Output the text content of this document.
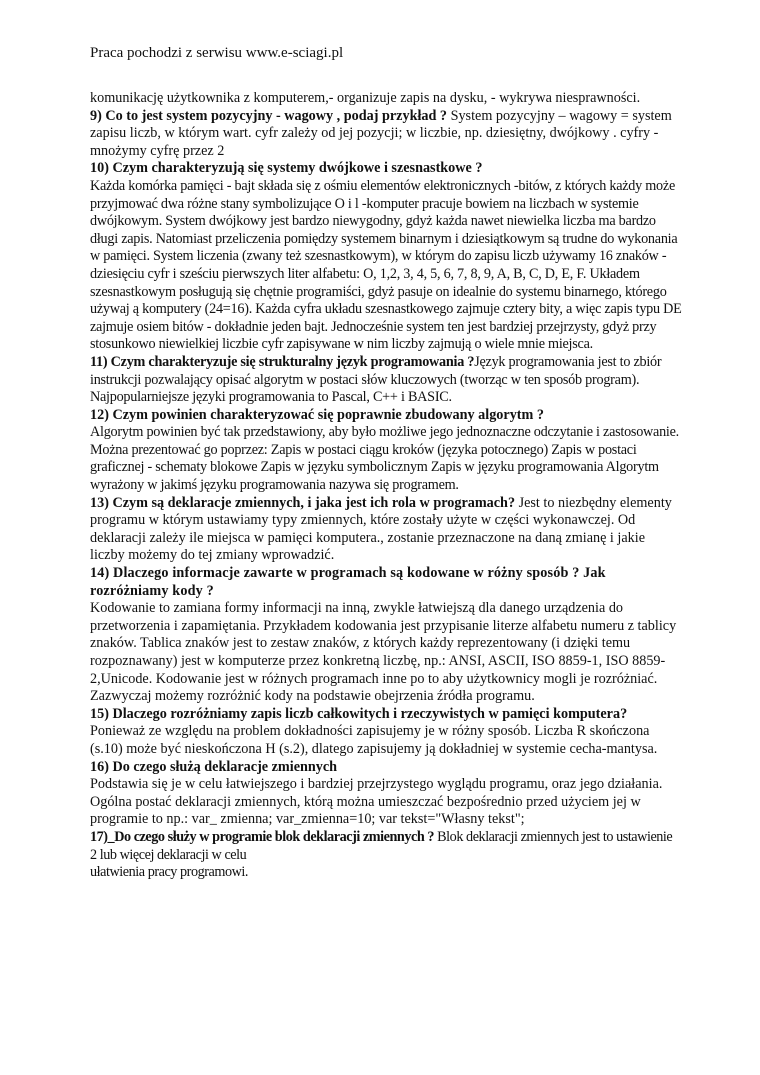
Praca pochodzi z serwisu www.e-sciagi.pl

komunikację użytkownika z komputerem,- organizuje zapis na dysku, - wykrywa niesprawności.

9) Co to jest system pozycyjny - wagowy , podaj przykład ? System pozycyjny – wagowy = system zapisu liczb, w którym wart. cyfr zależy od jej pozycji; w liczbie, np. dziesiętny, dwójkowy . cyfry - mnożymy cyfrę przez 2

10) Czym charakteryzują się systemy dwójkowe i szesnastkowe ?

Każda komórka pamięci - bajt składa się z ośmiu elementów elektronicznych -bitów, z których każdy może przyjmować dwa różne stany symbolizujące O i l -komputer pracuje bowiem na liczbach w systemie dwójkowym. System dwójkowy jest bardzo niewygodny, gdyż każda nawet niewielka liczba ma bardzo długi zapis. Natomiast przeliczenia pomiędzy systemem binarnym i dziesiątkowym są trudne do wykonania w pamięci. System liczenia (zwany też szesnastkowym), w którym do zapisu liczb używamy 16 znaków - dziesięciu cyfr i sześciu pierwszych liter alfabetu: O, 1,2, 3, 4, 5, 6, 7, 8, 9, A, B, C, D, E, F. Układem szesnastkowym posługują się chętnie programiści, gdyż pasuje on idealnie do systemu binarnego, którego używaj ą komputery (24=16). Każda cyfra układu szesnastkowego zajmuje cztery bity, a więc zapis typu DE zajmuje osiem bitów - dokładnie jeden bajt. Jednocześnie system ten jest bardziej przejrzysty, gdyż przy stosunkowo niewielkiej liczbie cyfr zapisywane w nim liczby zajmują o wiele mnie miejsca.

11) Czym charakteryzuje się strukturalny język programowania ?Język programowania jest to zbiór instrukcji pozwalający opisać algorytm w postaci słów kluczowych (tworząc w ten sposób program). Najpopularniejsze języki programowania to Pascal, C++ i BASIC.

12) Czym powinien charakteryzować się poprawnie zbudowany algorytm ?

Algorytm powinien być tak przedstawiony, aby było możliwe jego jednoznaczne odczytanie i zastosowanie. Można prezentować go poprzez: Zapis w postaci ciągu kroków (języka potocznego) Zapis w postaci graficznej - schematy blokowe Zapis w języku symbolicznym Zapis w języku programowania Algorytm wyrażony w jakimś języku programowania nazywa się programem.

13) Czym są deklaracje zmiennych, i jaka jest ich rola w programach? Jest to niezbędny elementy programu w którym ustawiamy typy zmiennych, które zostały użyte w części wykonawczej. Od deklaracji zależy ile miejsca w pamięci komputera., zostanie przeznaczone na daną zmianę i jakie liczby możemy do tej zmiany wprowadzić.

14) Dlaczego informacje zawarte w programach są kodowane w różny sposób ? Jak rozróżniamy kody ?

Kodowanie to zamiana formy informacji na inną, zwykle łatwiejszą dla danego urządzenia do przetworzenia i zapamiętania. Przykładem kodowania jest przypisanie literze alfabetu numeru z tablicy znaków. Tablica znaków jest to zestaw znaków, z których każdy reprezentowany (i dzięki temu rozpoznawany) jest w komputerze przez konkretną liczbę, np.: ANSI, ASCII, ISO 8859-1, ISO 8859-2,Unicode. Kodowanie jest w różnych programach inne po to aby użytkownicy mogli je rozróżniać. Zazwyczaj możemy rozróżnić kody na podstawie obejrzenia źródła programu.

15) Dlaczego rozróżniamy zapis liczb całkowitych i rzeczywistych w pamięci komputera? Ponieważ ze względu na problem dokładności zapisujemy je w różny sposób. Liczba R skończona (s.10) może być nieskończona H (s.2), dlatego zapisujemy ją dokładniej w systemie cecha-mantysa.

16) Do czego służą deklaracje zmiennych

Podstawia się je w celu łatwiejszego i bardziej przejrzystego wyglądu programu, oraz jego działania. Ogólna postać deklaracji zmiennych, którą można umieszczać bezpośrednio przed użyciem jej w programie to np.: var_ zmienna; var_zmienna=10; var tekst="Własny tekst";

17)_Do czego służy w programie blok deklaracji zmiennych ? Blok deklaracji zmiennych jest to ustawienie 2 lub więcej deklaracji w celu

ułatwienia pracy programowi.
